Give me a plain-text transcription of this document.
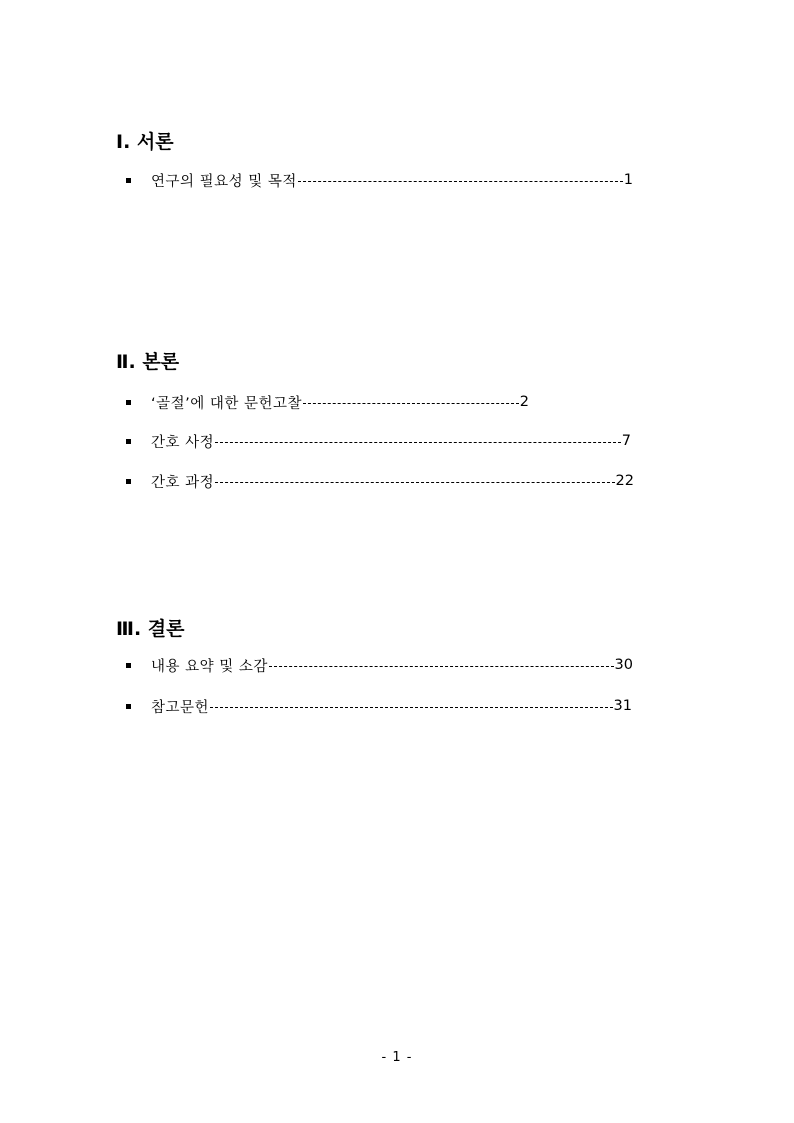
Ⅰ. 서론
연구의 필요성 및 목적	1
Ⅱ. 본론
‘골절’에 대한 문헌고찰	2
간호 사정	7
간호 과정	22
Ⅲ. 결론
내용 요약 및 소감	30
참고문헌	31
- 1 -
